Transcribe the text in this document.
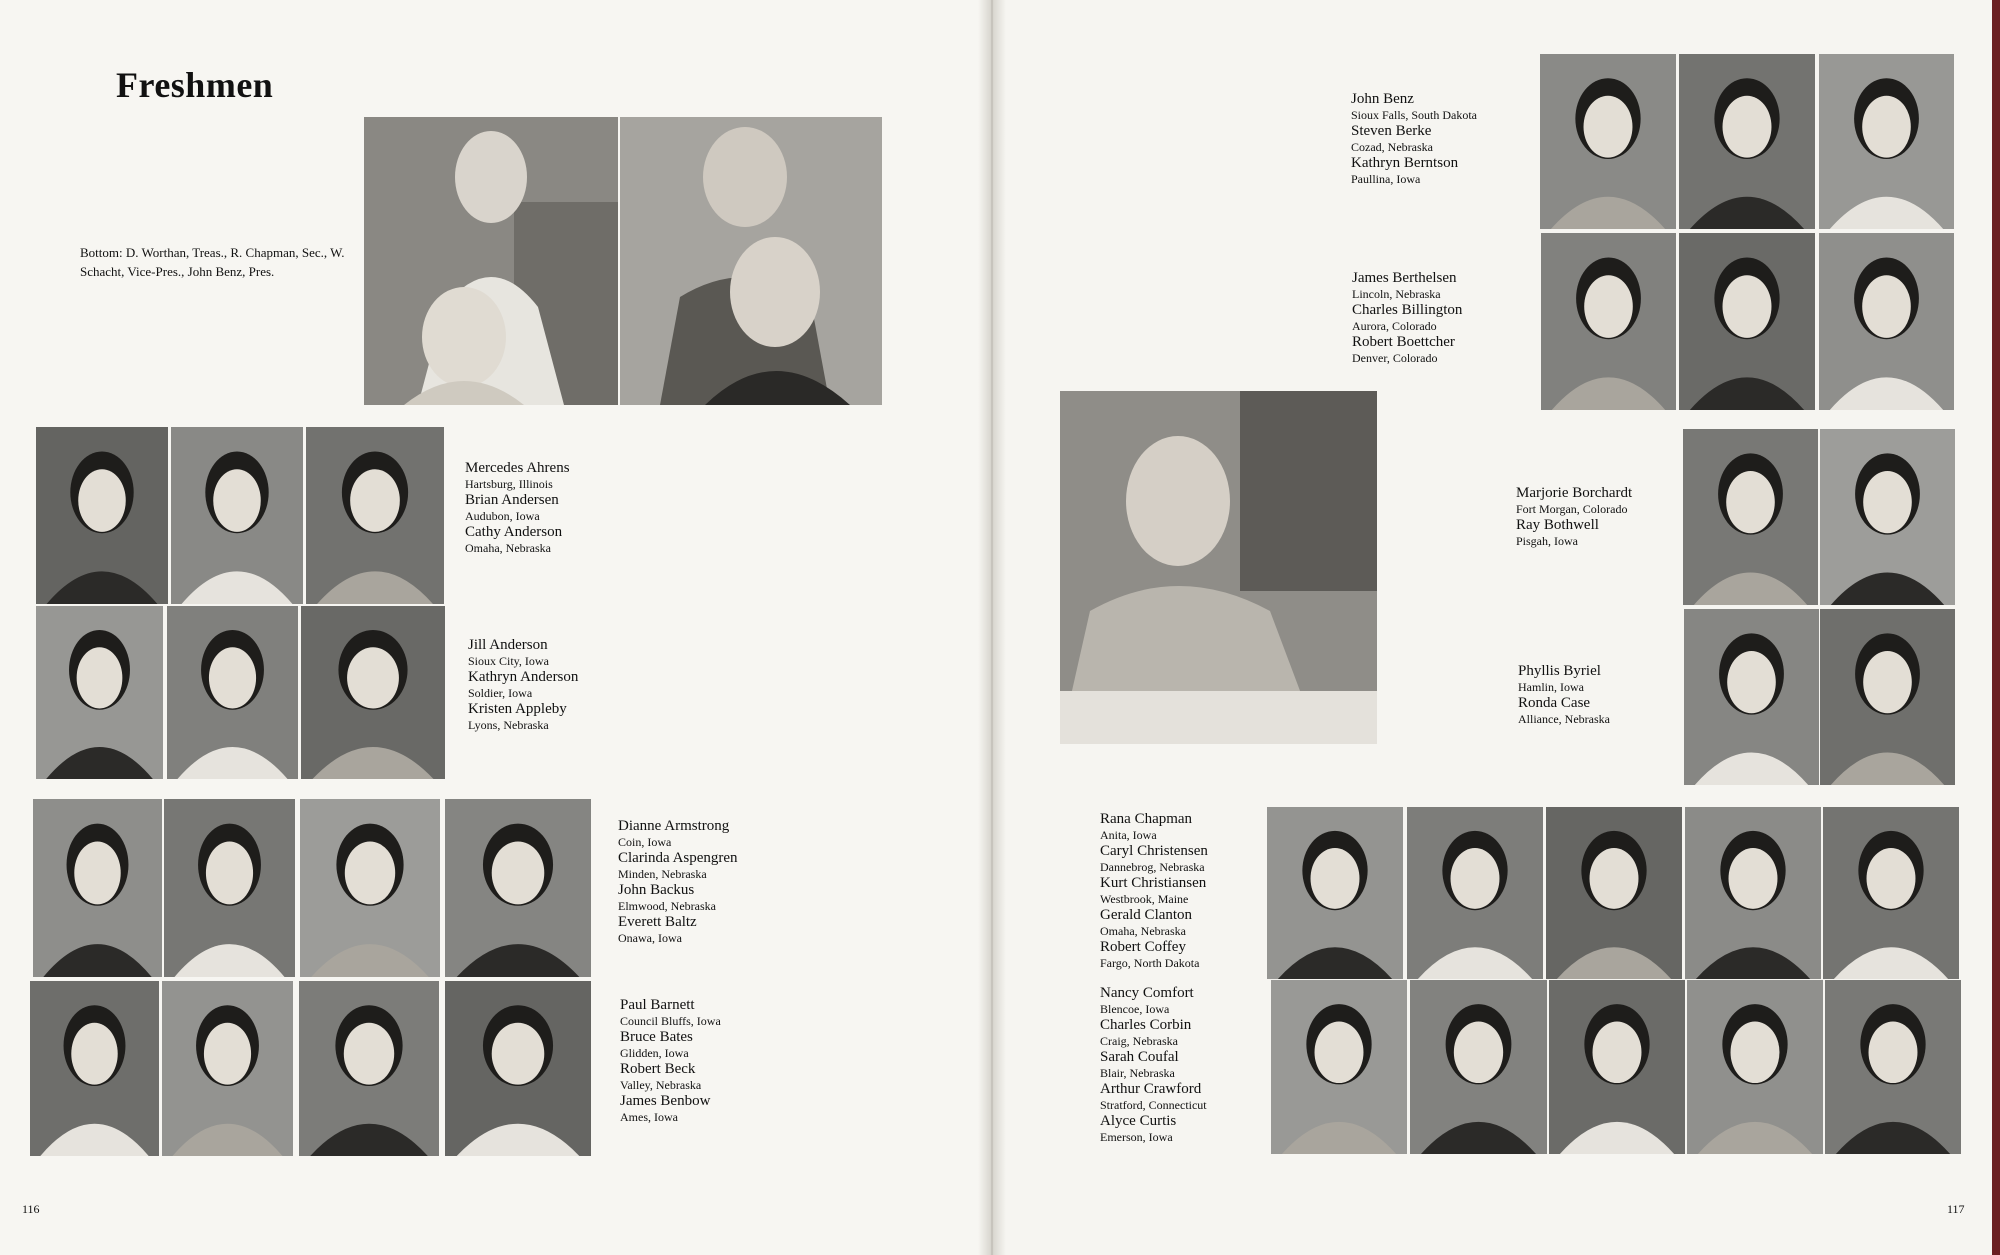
Freshmen
Bottom: D. Worthan, Treas., R. Chapman, Sec., W. Schacht, Vice-Pres., John Benz, Pres.
116	117
Mercedes Ahrens
Hartsburg, Illinois
Brian Andersen
Audubon, Iowa
Cathy Anderson
Omaha, Nebraska
Jill Anderson
Sioux City, Iowa
Kathryn Anderson
Soldier, Iowa
Kristen Appleby
Lyons, Nebraska
Dianne Armstrong
Coin, Iowa
Clarinda Aspengren
Minden, Nebraska
John Backus
Elmwood, Nebraska
Everett Baltz
Onawa, Iowa
Paul Barnett
Council Bluffs, Iowa
Bruce Bates
Glidden, Iowa
Robert Beck
Valley, Nebraska
James Benbow
Ames, Iowa
John Benz
Sioux Falls, South Dakota
Steven Berke
Cozad, Nebraska
Kathryn Berntson
Paullina, Iowa
James Berthelsen
Lincoln, Nebraska
Charles Billington
Aurora, Colorado
Robert Boettcher
Denver, Colorado
Marjorie Borchardt
Fort Morgan, Colorado
Ray Bothwell
Pisgah, Iowa
Phyllis Byriel
Hamlin, Iowa
Ronda Case
Alliance, Nebraska
Rana Chapman
Anita, Iowa
Caryl Christensen
Dannebrog, Nebraska
Kurt Christiansen
Westbrook, Maine
Gerald Clanton
Omaha, Nebraska
Robert Coffey
Fargo, North Dakota
Nancy Comfort
Blencoe, Iowa
Charles Corbin
Craig, Nebraska
Sarah Coufal
Blair, Nebraska
Arthur Crawford
Stratford, Connecticut
Alyce Curtis
Emerson, Iowa
